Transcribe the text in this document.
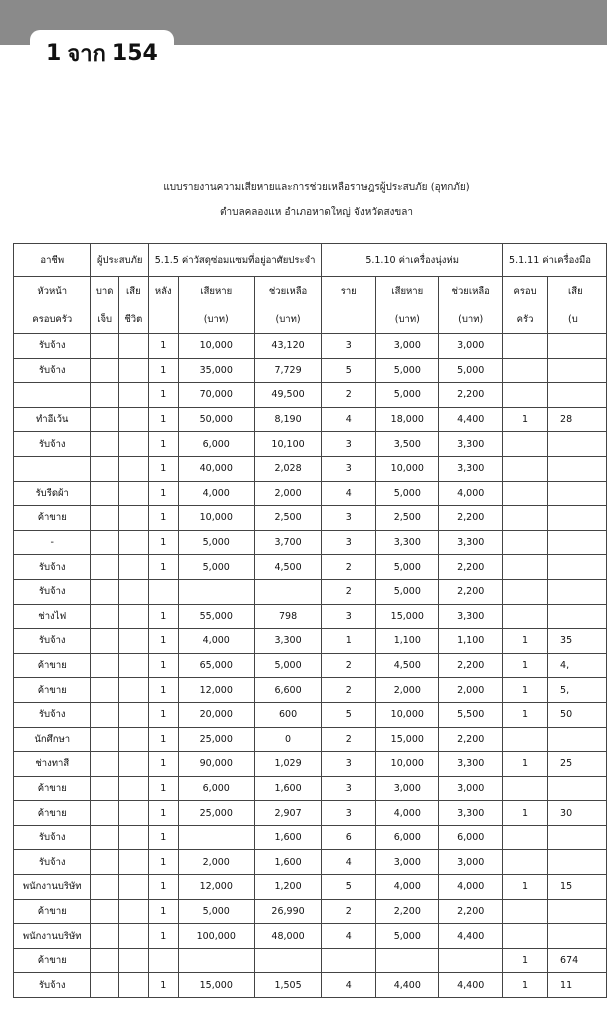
1 จาก 154
แบบรายงานความเสียหายและการช่วยเหลือราษฎรผู้ประสบภัย (อุทกภัย)
ตำบลคลองแห อำเภอหาดใหญ่ จังหวัดสงขลา
อาชีพ	ผู้ประสบภัย		5.1.5 ค่าวัสดุซ่อมแซมที่อยู่อาศัยประจำ			5.1.10 ค่าเครื่องนุ่งห่ม			5.1.11 ค่าเครื่องมือ	
หัวหน้า	บาด	เสีย	หลัง	เสียหาย	ช่วยเหลือ	ราย	เสียหาย	ช่วยเหลือ	ครอบ	เสีย
ครอบครัว	เจ็บ	ชีวิต		(บาท)	(บาท)		(บาท)	(บาท)	ครัว	(บ
รับจ้าง			1	10,000	43,120	3	3,000	3,000		
รับจ้าง			1	35,000	7,729	5	5,000	5,000		
			1	70,000	49,500	2	5,000	2,200		
ทำอีเว้น			1	50,000	8,190	4	18,000	4,400	1	28
รับจ้าง			1	6,000	10,100	3	3,500	3,300		
			1	40,000	2,028	3	10,000	3,300		
รับรีดผ้า			1	4,000	2,000	4	5,000	4,000		
ค้าขาย			1	10,000	2,500	3	2,500	2,200		
-			1	5,000	3,700	3	3,300	3,300		
รับจ้าง			1	5,000	4,500	2	5,000	2,200		
รับจ้าง						2	5,000	2,200		
ช่างไฟ			1	55,000	798	3	15,000	3,300		
รับจ้าง			1	4,000	3,300	1	1,100	1,100	1	35
ค้าขาย			1	65,000	5,000	2	4,500	2,200	1	4,
ค้าขาย			1	12,000	6,600	2	2,000	2,000	1	5,
รับจ้าง			1	20,000	600	5	10,000	5,500	1	50
นักศึกษา			1	25,000	0	2	15,000	2,200		
ช่างทาสี			1	90,000	1,029	3	10,000	3,300	1	25
ค้าขาย			1	6,000	1,600	3	3,000	3,000		
ค้าขาย			1	25,000	2,907	3	4,000	3,300	1	30
รับจ้าง			1		1,600	6	6,000	6,000		
รับจ้าง			1	2,000	1,600	4	3,000	3,000		
พนักงานบริษัท			1	12,000	1,200	5	4,000	4,000	1	15
ค้าขาย			1	5,000	26,990	2	2,200	2,200		
พนักงานบริษัท			1	100,000	48,000	4	5,000	4,400		
ค้าขาย									1	674
รับจ้าง			1	15,000	1,505	4	4,400	4,400	1	11
